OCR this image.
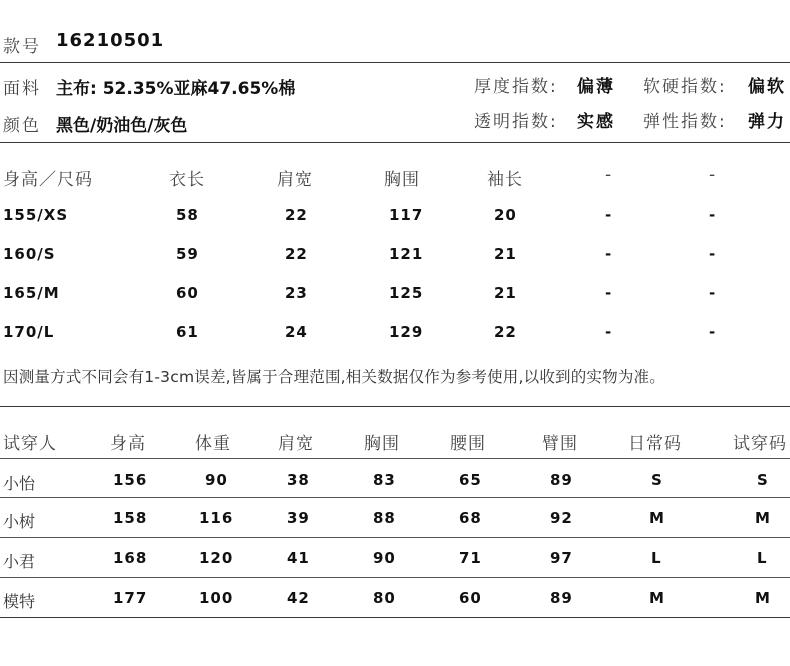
款号 16210501
面料 主布: 52.35%亚麻47.65%棉
颜色 黑色/奶油色/灰色
厚度指数: 偏薄 软硬指数: 偏软
透明指数: 实感 弹性指数: 弹力
身高／尺码	衣长	肩宽	胸围	袖长	-	-
155/XS	58	22	117	20	-	-
160/S	59	22	121	21	-	-
165/M	60	23	125	21	-	-
170/L	61	24	129	22	-	-
因测量方式不同会有1-3cm误差,皆属于合理范围,相关数据仅作为参考使用,以收到的实物为准。
试穿人	身高	体重	肩宽	胸围	腰围	臂围	日常码	试穿码
小怡	156	90	38	83	65	89	S	S
小树	158	116	39	88	68	92	M	M
小君	168	120	41	90	71	97	L	L
模特	177	100	42	80	60	89	M	M
